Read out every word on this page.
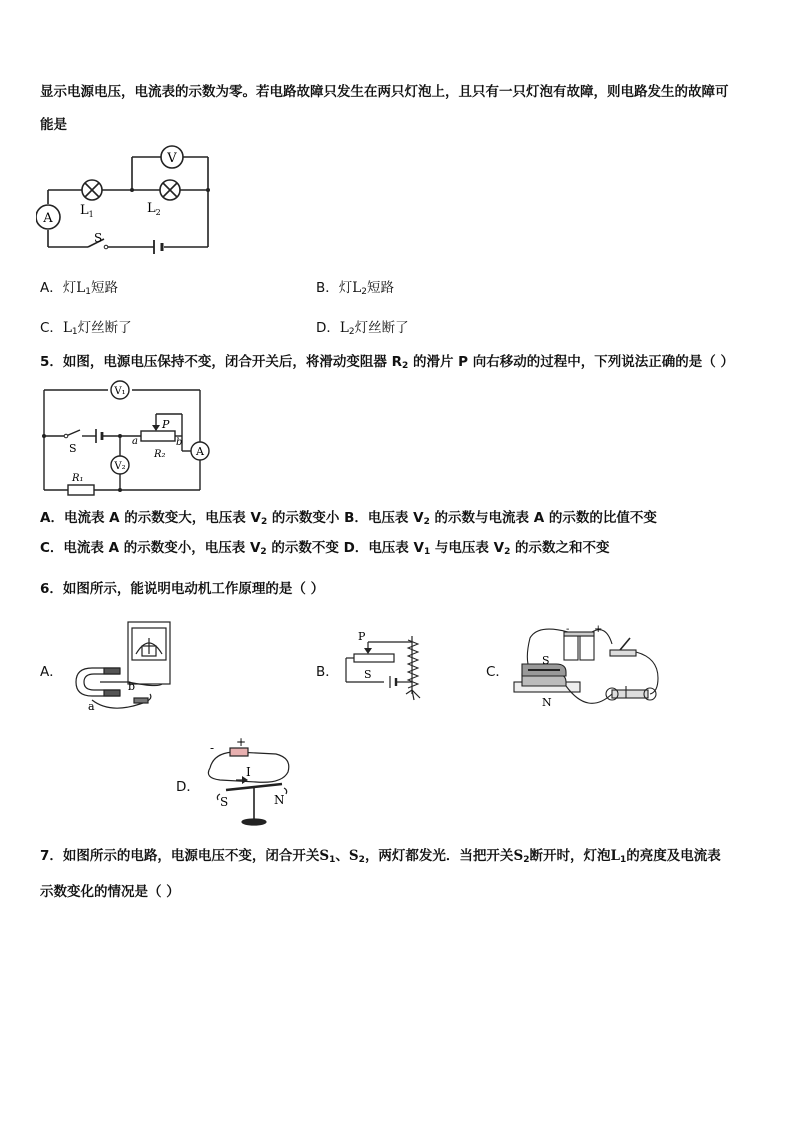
显示电源电压，电流表的示数为零。若电路故障只发生在两只灯泡上，且只有一只灯泡有故障，则电路发生的故障可
能是
V
A
$L_1$	$L_2$
S
A．灯$L_1$短路	B．灯$L_2$短路
C．$L_1$灯丝断了	D．$L_2$灯丝断了
5．如图，电源电压保持不变，闭合开关后，将滑动变阻器 $R_2$ 的滑片 P 向右移动的过程中，下列说法正确的是（ ）
V₁
V₂
A
S
P
a	b
R₂
R₁
A．电流表 A 的示数变大，电压表 $V_2$ 的示数变小 B．电压表 $V_2$ 的示数与电流表 A 的示数的比值不变
C．电流表 A 的示数变小，电压表 $V_2$ 的示数不变 D．电压表 $V_1$ 与电压表 $V_2$ 的示数之和不变
6．如图所示，能说明电动机工作原理的是（ ）
A．
b
a
B．
P
S	C．
S
N
- +
D．
- +
I
S	N
7．如图所示的电路，电源电压不变，闭合开关$S_1$、$S_2$，两灯都发光．当把开关$S_2$断开时，灯泡$L_1$的亮度及电流表
示数变化的情况是（ ）
